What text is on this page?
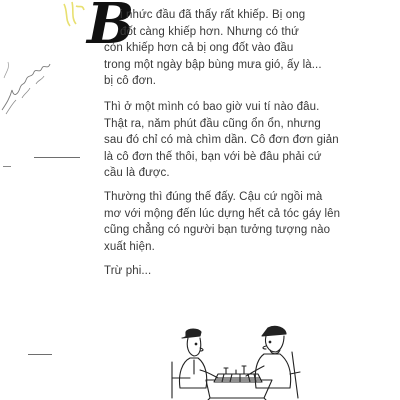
B

ị nhức đầu đã thấy rất khiếp. Bị ong
đốt càng khiếp hơn. Nhưng có thứ
còn khiếp hơn cả bị ong đốt vào đầu
trong một ngày bập bùng mưa gió, ấy là...
bị cô đơn.

Thì ở một mình có bao giờ vui tí nào đâu.
Thật ra, năm phút đầu cũng ổn ổn, nhưng
sau đó chỉ có mà chìm dần. Cô đơn đơn giản
là cô đơn thế thôi, bạn với bè đâu phải cứ
cầu là được.

Thường thì đúng thế đấy. Cậu cứ ngồi mà
mơ với mộng đến lúc dựng hết cả tóc gáy lên
cũng chẳng có người bạn tưởng tượng nào
xuất hiện.

Trừ phi...
